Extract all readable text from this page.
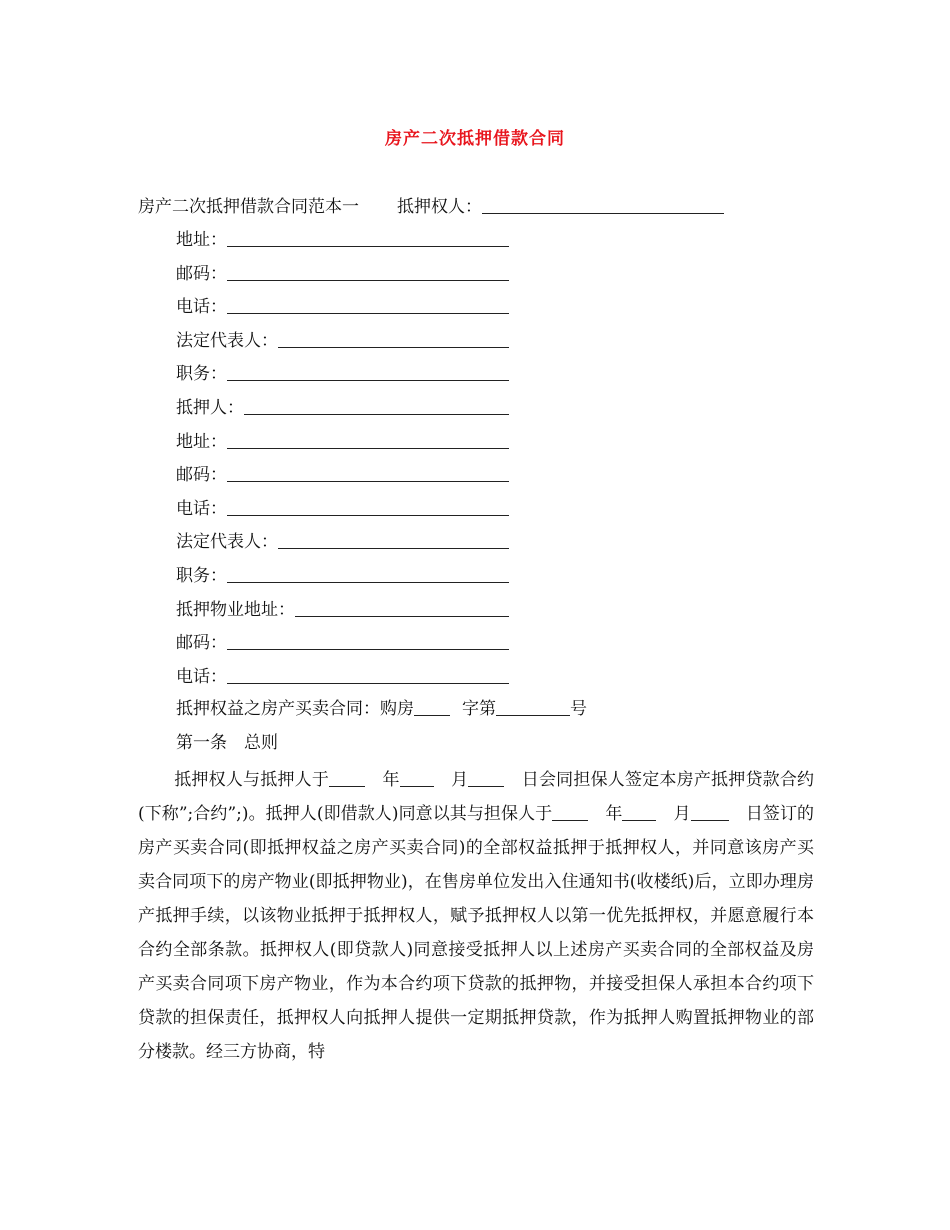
房产二次抵押借款合同
房产二次抵押借款合同范本一 抵押权人：
地址：
邮码：
电话：
法定代表人：
职务：
抵押人：
地址：
邮码：
电话：
法定代表人：
职务：
抵押物业地址：
邮码：
电话：
抵押权益之房产买卖合同：购房	字第	号
第一条　总则
抵押权人与抵押人于　	年　	月　	日会同担保人签定本房产抵押贷款合约(下称”;合约”;)。抵押人(即借款人)同意以其与担保人于　	年　	月　	日签订的房产买卖合同(即抵押权益之房产买卖合同)的全部权益抵押于抵押权人，并同意该房产买卖合同项下的房产物业(即抵押物业)，在售房单位发出入住通知书(收楼纸)后，立即办理房产抵押手续，以该物业抵押于抵押权人，赋予抵押权人以第一优先抵押权，并愿意履行本合约全部条款。抵押权人(即贷款人)同意接受抵押人以上述房产买卖合同的全部权益及房产买卖合同项下房产物业，作为本合约项下贷款的抵押物，并接受担保人承担本合约项下贷款的担保责任，抵押权人向抵押人提供一定期抵押贷款，作为抵押人购置抵押物业的部分楼款。经三方协商，特
